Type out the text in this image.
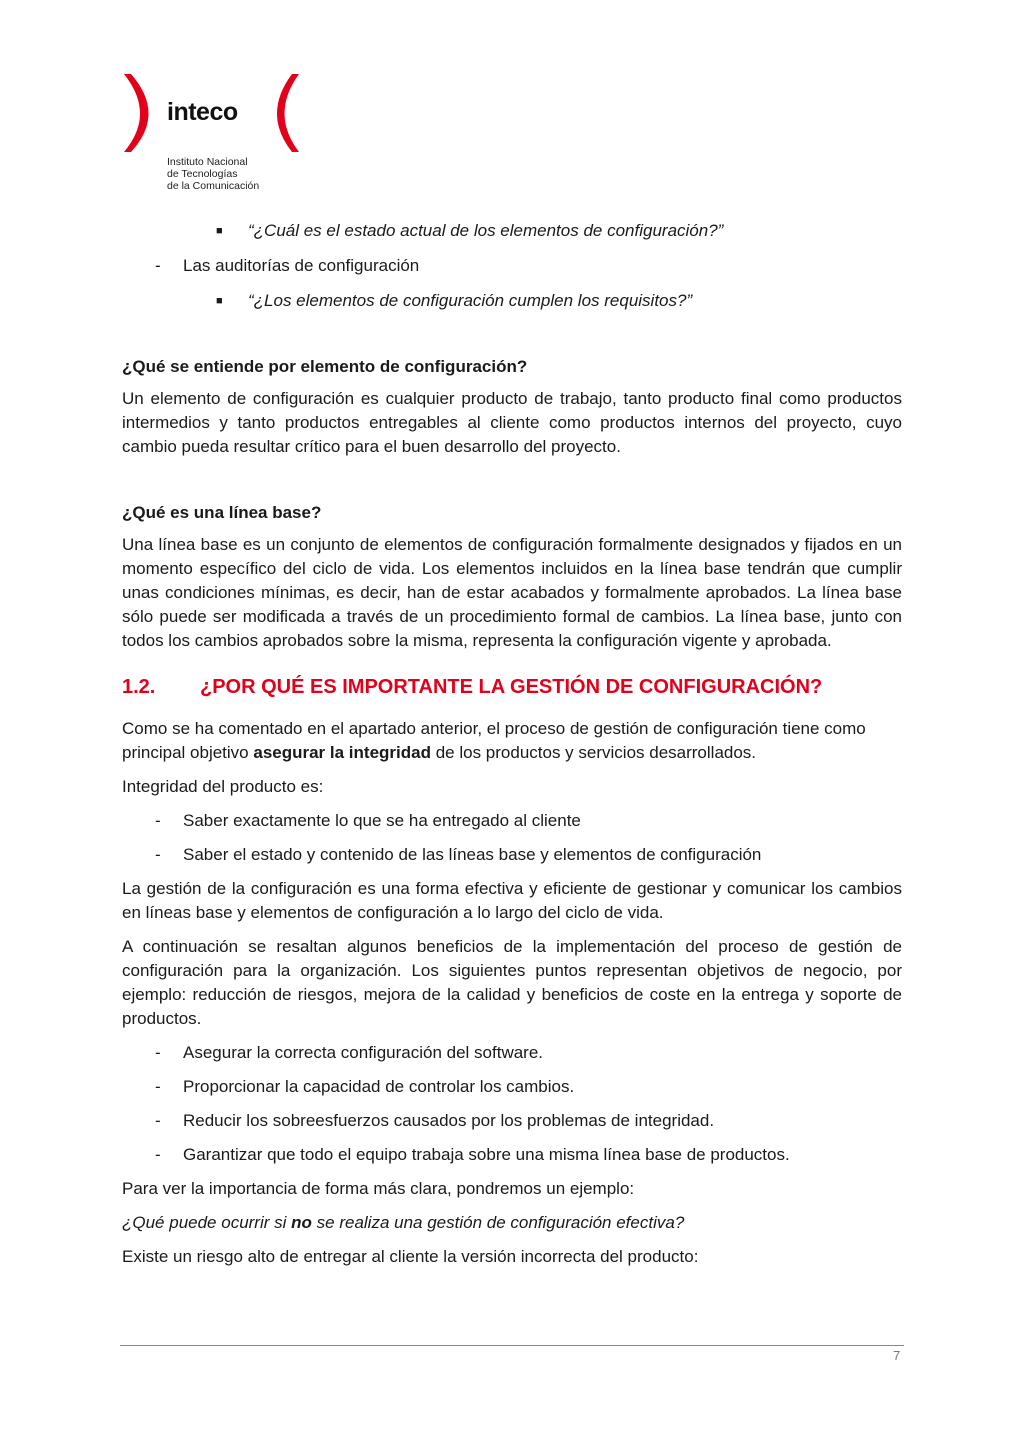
inteco
Instituto Nacional
de Tecnologías
de la Comunicación

■ “¿Cuál es el estado actual de los elementos de configuración?”

- Las auditorías de configuración

■ “¿Los elementos de configuración cumplen los requisitos?”

¿Qué se entiende por elemento de configuración?

Un elemento de configuración es cualquier producto de trabajo, tanto producto final como productos intermedios y tanto productos entregables al cliente como productos internos del proyecto, cuyo cambio pueda resultar crítico para el buen desarrollo del proyecto.

¿Qué es una línea base?

Una línea base es un conjunto de elementos de configuración formalmente designados y fijados en un momento específico del ciclo de vida. Los elementos incluidos en la línea base tendrán que cumplir unas condiciones mínimas, es decir, han de estar acabados y formalmente aprobados. La línea base sólo puede ser modificada a través de un procedimiento formal de cambios. La línea base, junto con todos los cambios aprobados sobre la misma, representa la configuración vigente y aprobada.

1.2.	¿POR QUÉ ES IMPORTANTE LA GESTIÓN DE CONFIGURACIÓN?

Como se ha comentado en el apartado anterior, el proceso de gestión de configuración tiene como principal objetivo asegurar la integridad de los productos y servicios desarrollados.

Integridad del producto es:

- Saber exactamente lo que se ha entregado al cliente

- Saber el estado y contenido de las líneas base y elementos de configuración

La gestión de la configuración es una forma efectiva y eficiente de gestionar y comunicar los cambios en líneas base y elementos de configuración a lo largo del ciclo de vida.

A continuación se resaltan algunos beneficios de la implementación del proceso de gestión de configuración para la organización. Los siguientes puntos representan objetivos de negocio, por ejemplo: reducción de riesgos, mejora de la calidad y beneficios de coste en la entrega y soporte de productos.

- Asegurar la correcta configuración del software.

- Proporcionar la capacidad de controlar los cambios.

- Reducir los sobreesfuerzos causados por los problemas de integridad.

- Garantizar que todo el equipo trabaja sobre una misma línea base de productos.

Para ver la importancia de forma más clara, pondremos un ejemplo:

¿Qué puede ocurrir si no se realiza una gestión de configuración efectiva?

Existe un riesgo alto de entregar al cliente la versión incorrecta del producto:

7
